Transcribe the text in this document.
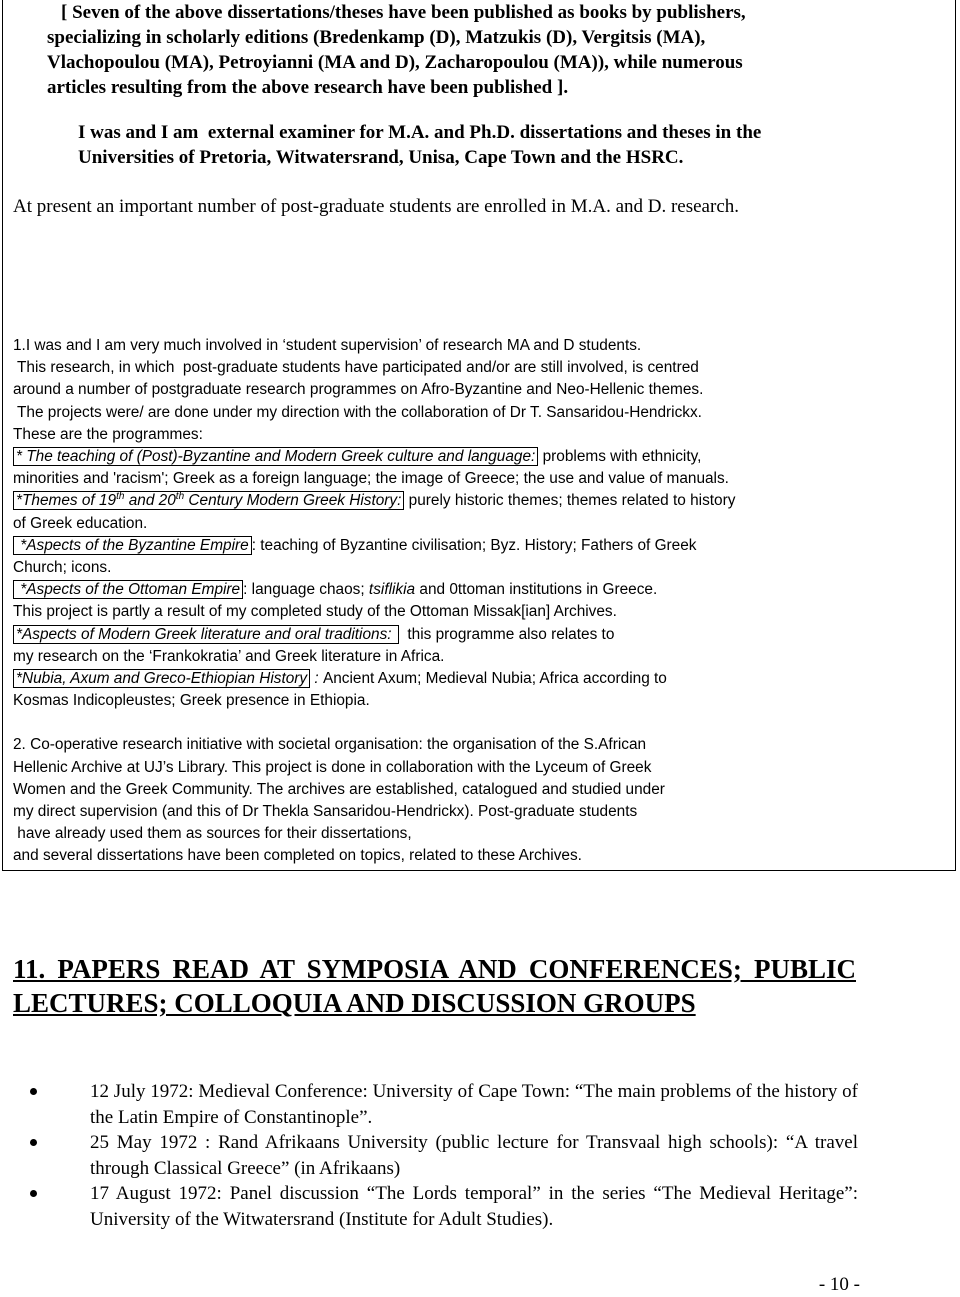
[ Seven of the above dissertations/theses have been published as books by publishers,
specializing in scholarly editions (Bredenkamp (D), Matzukis (D), Vergitsis (MA),
Vlachopoulou (MA), Petroyianni (MA and D), Zacharopoulou (MA)), while numerous
articles resulting from the above research have been published ].
I was and I am  external examiner for M.A. and Ph.D. dissertations and theses in the
Universities of Pretoria, Witwatersrand, Unisa, Cape Town and the HSRC.
At present an important number of post-graduate students are enrolled in M.A. and D. research.

1.I was and I am very much involved in ‘student supervision’ of research MA and D students.

This research, in which  post-graduate students have participated and/or are still involved, is centred

around a number of postgraduate research programmes on Afro-Byzantine and Neo-Hellenic themes.

The projects were/ are done under my direction with the collaboration of Dr T. Sansaridou-Hendrickx.

These are the programmes:

* The teaching of (Post)-Byzantine and Modern Greek culture and language: problems with ethnicity,

minorities and 'racism'; Greek as a foreign language; the image of Greece; the use and value of manuals.

*Themes of 19th and 20th Century Modern Greek History: purely historic themes; themes related to history

of Greek education.

*Aspects of the Byzantine Empire : teaching of Byzantine civilisation; Byz. History; Fathers of Greek

Church; icons.

*Aspects of the Ottoman Empire : language chaos; tsiflikia and 0ttoman institutions in Greece.

This project is partly a result of my completed study of the Ottoman Missak[ian] Archives.

*Aspects of Modern Greek literature and oral traditions:   this programme also relates to

my research on the ‘Frankokratia’ and Greek literature in Africa.

*Nubia, Axum and Greco-Ethiopian History : Ancient Axum; Medieval Nubia; Africa according to

Kosmas Indicopleustes; Greek presence in Ethiopia.

2. Co-operative research initiative with societal organisation: the organisation of the S.African

Hellenic Archive at UJ’s Library. This project is done in collaboration with the Lyceum of Greek

Women and the Greek Community. The archives are established, catalogued and studied under

my direct supervision (and this of Dr Thekla Sansaridou-Hendrickx). Post-graduate students

have already used them as sources for their dissertations,

and several dissertations have been completed on topics, related to these Archives.

11. PAPERS READ AT SYMPOSIA AND CONFERENCES; PUBLIC LECTURES; COLLOQUIA AND DISCUSSION GROUPS
12 July 1972: Medieval Conference: University of Cape Town: “The main problems of the history of the Latin Empire of Constantinople”.
25 May 1972 : Rand Afrikaans University (public lecture for Transvaal high schools): “A travel through Classical Greece” (in Afrikaans)
17 August 1972: Panel discussion “The Lords temporal” in the series “The Medieval Heritage”: University of the Witwatersrand (Institute for Adult Studies).
- 10 -
